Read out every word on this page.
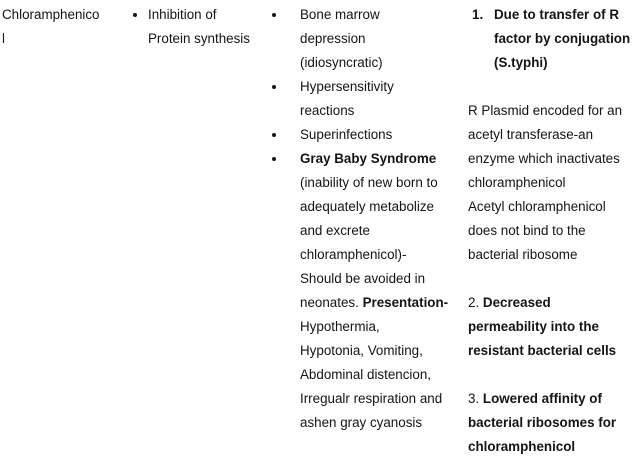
Chloramphenico
l
Inhibition of
Protein synthesis
Bone marrow
depression
(idiosyncratic)
Hypersensitivity
reactions
Superinfections
Gray Baby Syndrome
(inability of new born to
adequately metabolize
and excrete
chloramphenicol)-
Should be avoided in
neonates. Presentation-
Hypothermia,
Hypotonia, Vomiting,
Abdominal distencion,
Irregualr respiration and
ashen gray cyanosis
1. Due to transfer of R
factor by conjugation
(S.typhi)
R Plasmid encoded for an
acetyl transferase-an
enzyme which inactivates
chloramphenicol
Acetyl chloramphenicol
does not bind to the
bacterial ribosome
2. Decreased
permeability into the
resistant bacterial cells
3. Lowered affinity of
bacterial ribosomes for
chloramphenicol
